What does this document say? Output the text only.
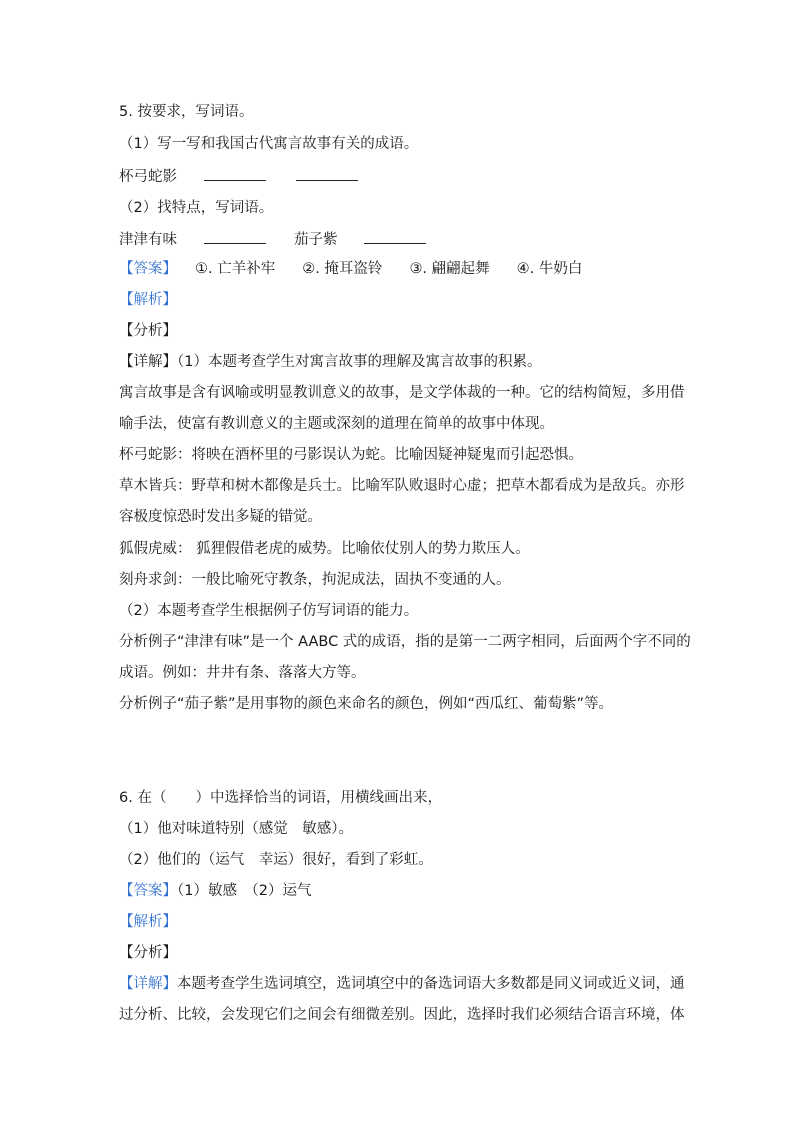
5. 按要求，写词语。
（1）写一写和我国古代寓言故事有关的成语。
杯弓蛇影
（2）找特点，写词语。
津津有味	茄子紫
【答案】 ①. 亡羊补牢 ②. 掩耳盗铃 ③. 翩翩起舞 ④. 牛奶白
【解析】
【分析】
【详解】（1）本题考查学生对寓言故事的理解及寓言故事的积累。
寓言故事是含有讽喻或明显教训意义的故事，是文学体裁的一种。它的结构简短，多用借
喻手法，使富有教训意义的主题或深刻的道理在简单的故事中体现。
杯弓蛇影：将映在酒杯里的弓影误认为蛇。比喻因疑神疑鬼而引起恐惧。
草木皆兵：野草和树木都像是兵士。比喻军队败退时心虚；把草木都看成为是敌兵。亦形
容极度惊恐时发出多疑的错觉。
狐假虎威： 狐狸假借老虎的威势。比喻依仗别人的势力欺压人。
刻舟求剑：一般比喻死守教条，拘泥成法，固执不变通的人。
（2）本题考查学生根据例子仿写词语的能力。
分析例子“津津有味”是一个 AABC 式的成语，指的是第一二两字相同，后面两个字不同的
成语。例如：井井有条、落落大方等。
分析例子“茄子紫”是用事物的颜色来命名的颜色，例如“西瓜红、葡萄紫”等。
6. 在（　　）中选择恰当的词语，用横线画出来，
（1）他对味道特别（感觉　敏感）。
（2）他们的（运气　幸运）很好，看到了彩虹。
【答案】（1）敏感　（2）运气
【解析】
【分析】
【详解】本题考查学生选词填空，选词填空中的备选词语大多数都是同义词或近义词，通
过分析、比较，会发现它们之间会有细微差别。因此，选择时我们必须结合语言环境，体
